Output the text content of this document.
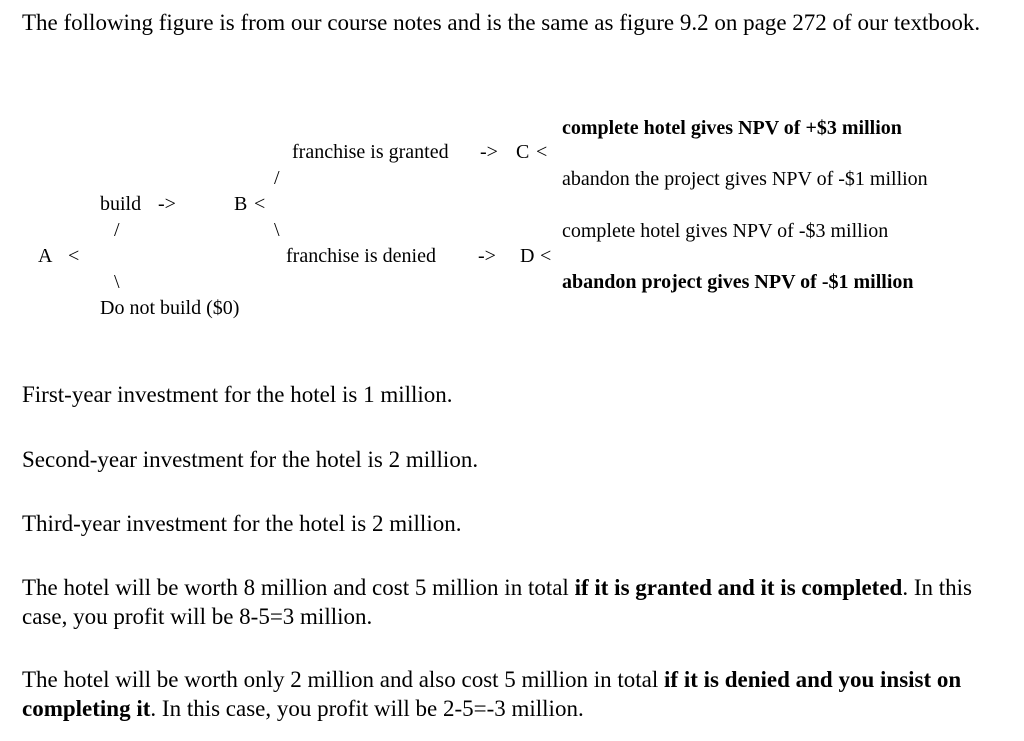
The following figure is from our course notes and is the same as figure 9.2 on page 272 of our textbook.

A <
/
\
build ->	B <
Do not build ($0)
/
\
franchise is granted -> C <
franchise is denied -> D <
complete hotel gives NPV of +$3 million
abandon the project gives NPV of -$1 million
complete hotel gives NPV of -$3 million
abandon project gives NPV of -$1 million

First-year investment for the hotel is 1 million.

Second-year investment for the hotel is 2 million.

Third-year investment for the hotel is 2 million.

The hotel will be worth 8 million and cost 5 million in total if it is granted and it is completed. In this case, you profit will be 8-5=3 million.

The hotel will be worth only 2 million and also cost 5 million in total if it is denied and you insist on completing it. In this case, you profit will be 2-5=-3 million.
